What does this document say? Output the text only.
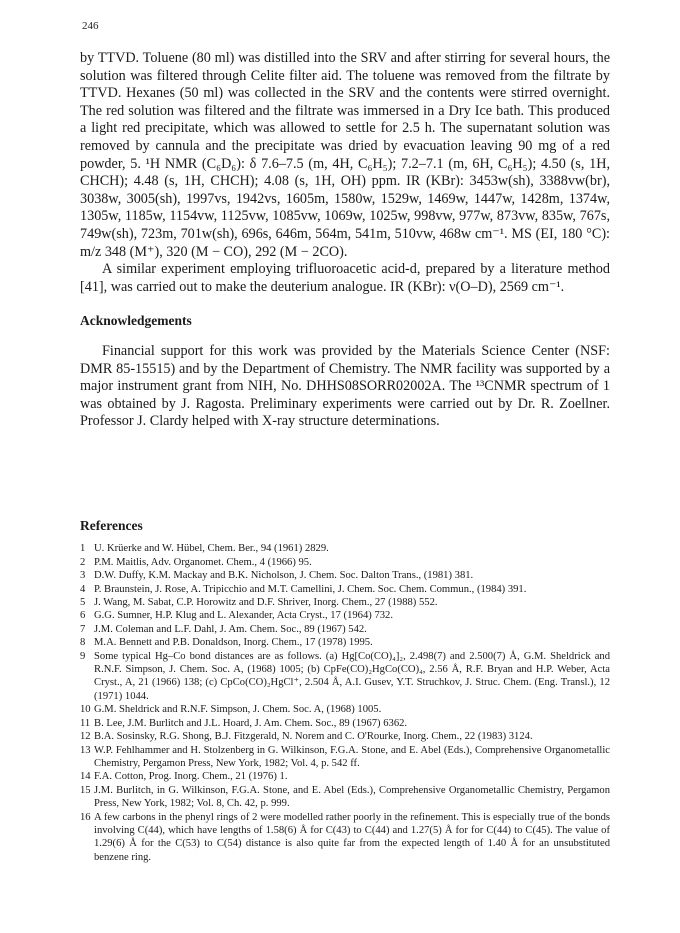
246

by TTVD. Toluene (80 ml) was distilled into the SRV and after stirring for several hours, the solution was filtered through Celite filter aid. The toluene was removed from the filtrate by TTVD. Hexanes (50 ml) was collected in the SRV and the contents were stirred overnight. The red solution was filtered and the filtrate was immersed in a Dry Ice bath. This produced a light red precipitate, which was allowed to settle for 2.5 h. The supernatant solution was removed by cannula and the precipitate was dried by evacuation leaving 90 mg of a red powder, 5. ¹H NMR (C₆D₆): δ 7.6–7.5 (m, 4H, C₆H₅); 7.2–7.1 (m, 6H, C₆H₅); 4.50 (s, 1H, CHCH); 4.48 (s, 1H, CHCH); 4.08 (s, 1H, OH) ppm. IR (KBr): 3453w(sh), 3388vw(br), 3038w, 3005(sh), 1997vs, 1942vs, 1605m, 1580w, 1529w, 1469w, 1447w, 1428m, 1374w, 1305w, 1185w, 1154vw, 1125vw, 1085vw, 1069w, 1025w, 998vw, 977w, 873vw, 835w, 767s, 749w(sh), 723m, 701w(sh), 696s, 646m, 564m, 541m, 510vw, 468w cm⁻¹. MS (EI, 180 °C): m/z 348 (M⁺), 320 (M − CO), 292 (M − 2CO).

A similar experiment employing trifluoroacetic acid-d, prepared by a literature method [41], was carried out to make the deuterium analogue. IR (KBr): ν(O–D), 2569 cm⁻¹.

Acknowledgements

Financial support for this work was provided by the Materials Science Center (NSF: DMR 85-15515) and by the Department of Chemistry. The NMR facility was supported by a major instrument grant from NIH, No. DHHS08SORR02002A. The ¹³CNMR spectrum of 1 was obtained by J. Ragosta. Preliminary experiments were carried out by Dr. R. Zoellner. Professor J. Clardy helped with X-ray structure determinations.

References
1 U. Krüerke and W. Hübel, Chem. Ber., 94 (1961) 2829.
2 P.M. Maitlis, Adv. Organomet. Chem., 4 (1966) 95.
3 D.W. Duffy, K.M. Mackay and B.K. Nicholson, J. Chem. Soc. Dalton Trans., (1981) 381.
4 P. Braunstein, J. Rose, A. Tripicchio and M.T. Camellini, J. Chem. Soc. Chem. Commun., (1984) 391.
5 J. Wang, M. Sabat, C.P. Horowitz and D.F. Shriver, Inorg. Chem., 27 (1988) 552.
6 G.G. Sumner, H.P. Klug and L. Alexander, Acta Cryst., 17 (1964) 732.
7 J.M. Coleman and L.F. Dahl, J. Am. Chem. Soc., 89 (1967) 542.
8 M.A. Bennett and P.B. Donaldson, Inorg. Chem., 17 (1978) 1995.
9 Some typical Hg–Co bond distances are as follows. (a) Hg[Co(CO)₄]₂, 2.498(7) and 2.500(7) Å, G.M. Sheldrick and R.N.F. Simpson, J. Chem. Soc. A, (1968) 1005; (b) CpFe(CO)₂HgCo(CO)₄, 2.56 Å, R.F. Bryan and H.P. Weber, Acta Cryst., A, 21 (1966) 138; (c) CpCo(CO)₂HgCl⁺, 2.504 Å, A.I. Gusev, Y.T. Struchkov, J. Struc. Chem. (Eng. Transl.), 12 (1971) 1044.
10 G.M. Sheldrick and R.N.F. Simpson, J. Chem. Soc. A, (1968) 1005.
11 B. Lee, J.M. Burlitch and J.L. Hoard, J. Am. Chem. Soc., 89 (1967) 6362.
12 B.A. Sosinsky, R.G. Shong, B.J. Fitzgerald, N. Norem and C. O'Rourke, Inorg. Chem., 22 (1983) 3124.
13 W.P. Fehlhammer and H. Stolzenberg in G. Wilkinson, F.G.A. Stone, and E. Abel (Eds.), Comprehensive Organometallic Chemistry, Pergamon Press, New York, 1982; Vol. 4, p. 542 ff.
14 F.A. Cotton, Prog. Inorg. Chem., 21 (1976) 1.
15 J.M. Burlitch, in G. Wilkinson, F.G.A. Stone, and E. Abel (Eds.), Comprehensive Organometallic Chemistry, Pergamon Press, New York, 1982; Vol. 8, Ch. 42, p. 999.
16 A few carbons in the phenyl rings of 2 were modelled rather poorly in the refinement. This is especially true of the bonds involving C(44), which have lengths of 1.58(6) Å for C(43) to C(44) and 1.27(5) Å for for C(44) to C(45). The value of 1.29(6) Å for the C(53) to C(54) distance is also quite far from the expected length of 1.40 Å for an unsubstituted benzene ring.
